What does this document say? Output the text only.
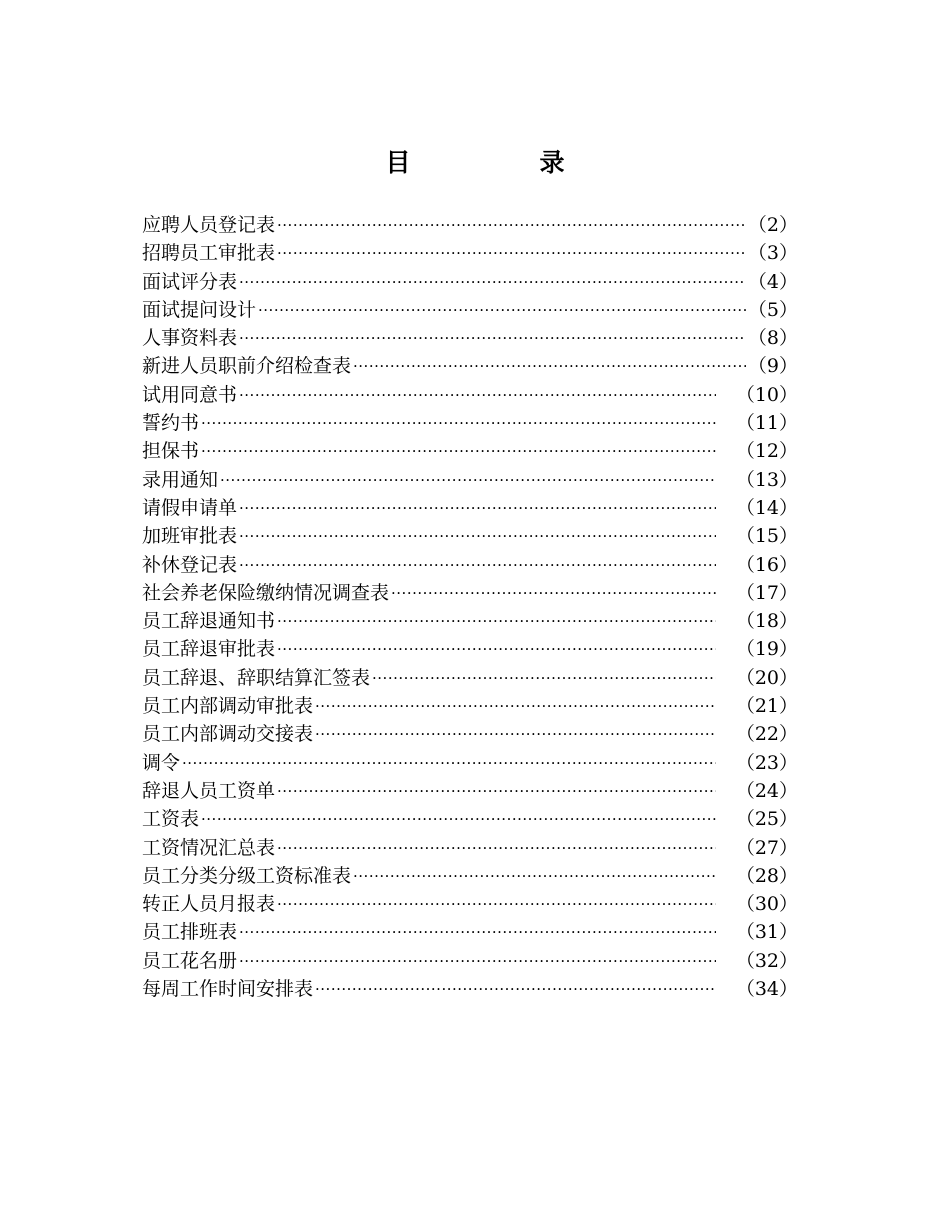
目　录
应聘人员登记表 ·····	（2）
招聘员工审批表 ·····	（3）
面试评分表 ·····	（4）
面试提问设计 ·····	（5）
人事资料表 ·····	（8）
新进人员职前介绍检查表 ·····	（9）
试用同意书 ·····	（10）
誓约书 ·····	（11）
担保书 ·····	（12）
录用通知 ·····	（13）
请假申请单 ·····	（14）
加班审批表 ·····	（15）
补休登记表 ·····	（16）
社会养老保险缴纳情况调查表 ·····	（17）
员工辞退通知书 ·····	（18）
员工辞退审批表 ·····	（19）
员工辞退、辞职结算汇签表 ·····	（20）
员工内部调动审批表 ·····	（21）
员工内部调动交接表 ·····	（22）
调令 ·····	（23）
辞退人员工资单 ·····	（24）
工资表 ·····	（25）
工资情况汇总表 ·····	（27）
员工分类分级工资标准表 ·····	（28）
转正人员月报表 ·····	（30）
员工排班表 ·····	（31）
员工花名册 ·····	（32）
每周工作时间安排表 ·····	（34）
